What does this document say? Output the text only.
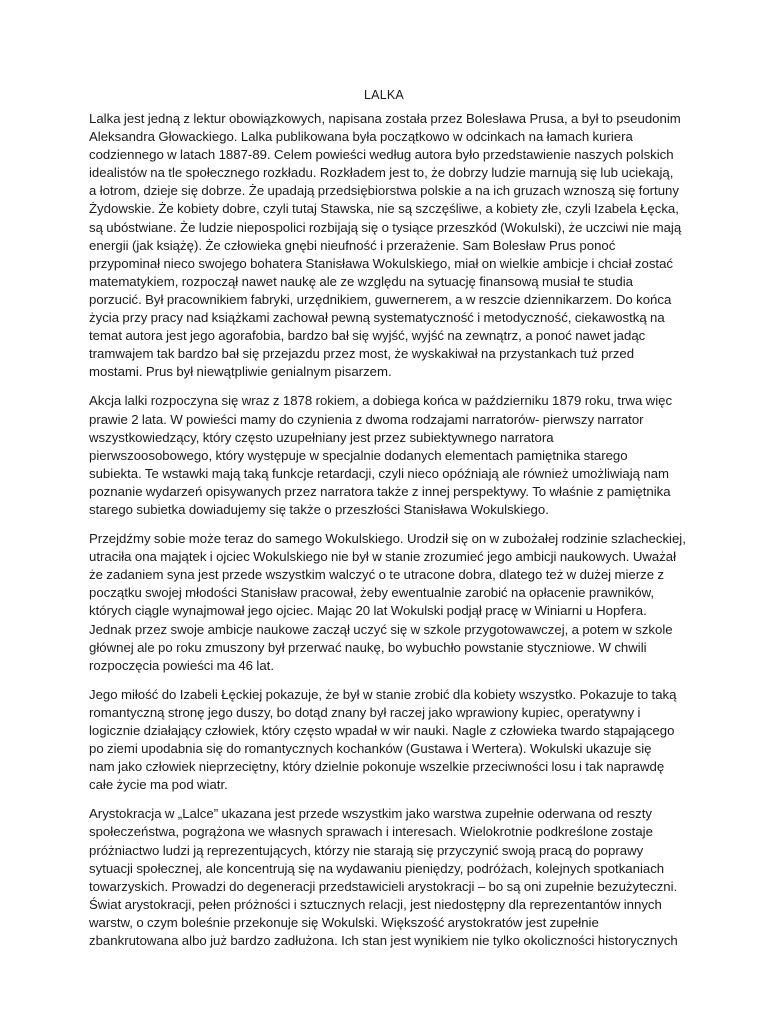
LALKA

Lalka jest jedną z lektur obowiązkowych, napisana została przez Bolesława Prusa, a był to pseudonim
Aleksandra Głowackiego. Lalka publikowana była początkowo w odcinkach na łamach kuriera
codziennego w latach 1887-89. Celem powieści według autora było przedstawienie naszych polskich
idealistów na tle społecznego rozkładu. Rozkładem jest to, że dobrzy ludzie marnują się lub uciekają,
a łotrom, dzieje się dobrze. Że upadają przedsiębiorstwa polskie a na ich gruzach wznoszą się fortuny
Żydowskie. Że kobiety dobre, czyli tutaj Stawska, nie są szczęśliwe, a kobiety złe, czyli Izabela Łęcka,
są ubóstwiane. Że ludzie niepospolici rozbijają się o tysiące przeszkód (Wokulski), że uczciwi nie mają
energii (jak książę). Że człowieka gnębi nieufność i przerażenie. Sam Bolesław Prus ponoć
przypominał nieco swojego bohatera Stanisława Wokulskiego, miał on wielkie ambicje i chciał zostać
matematykiem, rozpoczął nawet naukę ale ze względu na sytuację finansową musiał te studia
porzucić. Był pracownikiem fabryki, urzędnikiem, guwernerem, a w reszcie dziennikarzem. Do końca
życia przy pracy nad książkami zachował pewną systematyczność i metodyczność, ciekawostką na
temat autora jest jego agorafobia, bardzo bał się wyjść, wyjść na zewnątrz, a ponoć nawet jadąc
tramwajem tak bardzo bał się przejazdu przez most, że wyskakiwał na przystankach tuż przed
mostami. Prus był niewątpliwie genialnym pisarzem.

Akcja lalki rozpoczyna się wraz z 1878 rokiem, a dobiega końca w październiku 1879 roku, trwa więc
prawie 2 lata. W powieści mamy do czynienia z dwoma rodzajami narratorów- pierwszy narrator
wszystkowiedzący, który często uzupełniany jest przez subiektywnego narratora
pierwszoosobowego, który występuje w specjalnie dodanych elementach pamiętnika starego
subiekta. Te wstawki mają taką funkcje retardacji, czyli nieco opóźniają ale również umożliwiają nam
poznanie wydarzeń opisywanych przez narratora także z innej perspektywy. To właśnie z pamiętnika
starego subietka dowiadujemy się także o przeszłości Stanisława Wokulskiego.

Przejdźmy sobie może teraz do samego Wokulskiego. Urodził się on w zubożałej rodzinie szlacheckiej,
utraciła ona majątek i ojciec Wokulskiego nie był w stanie zrozumieć jego ambicji naukowych. Uważał
że zadaniem syna jest przede wszystkim walczyć o te utracone dobra, dlatego też w dużej mierze z
początku swojej młodości Stanisław pracował, żeby ewentualnie zarobić na opłacenie prawników,
których ciągle wynajmował jego ojciec. Mając 20 lat Wokulski podjął pracę w Winiarni u Hopfera.
Jednak przez swoje ambicje naukowe zaczął uczyć się w szkole przygotowawczej, a potem w szkole
głównej ale po roku zmuszony był przerwać naukę, bo wybuchło powstanie styczniowe. W chwili
rozpoczęcia powieści ma 46 lat.

Jego miłość do Izabeli Łęckiej pokazuje, że był w stanie zrobić dla kobiety wszystko. Pokazuje to taką
romantyczną stronę jego duszy, bo dotąd znany był raczej jako wprawiony kupiec, operatywny i
logicznie działający człowiek, który często wpadał w wir nauki. Nagle z człowieka twardo stąpającego
po ziemi upodabnia się do romantycznych kochanków (Gustawa i Wertera). Wokulski ukazuje się
nam jako człowiek nieprzeciętny, który dzielnie pokonuje wszelkie przeciwności losu i tak naprawdę
całe życie ma pod wiatr.

Arystokracja w „Lalce” ukazana jest przede wszystkim jako warstwa zupełnie oderwana od reszty
społeczeństwa, pogrążona we własnych sprawach i interesach. Wielokrotnie podkreślone zostaje
próżniactwo ludzi ją reprezentujących, którzy nie starają się przyczynić swoją pracą do poprawy
sytuacji społecznej, ale koncentrują się na wydawaniu pieniędzy, podróżach, kolejnych spotkaniach
towarzyskich. Prowadzi do degeneracji przedstawicieli arystokracji – bo są oni zupełnie bezużyteczni.
Świat arystokracji, pełen próżności i sztucznych relacji, jest niedostępny dla reprezentantów innych
warstw, o czym boleśnie przekonuje się Wokulski. Większość arystokratów jest zupełnie
zbankrutowana albo już bardzo zadłużona. Ich stan jest wynikiem nie tylko okoliczności historycznych
